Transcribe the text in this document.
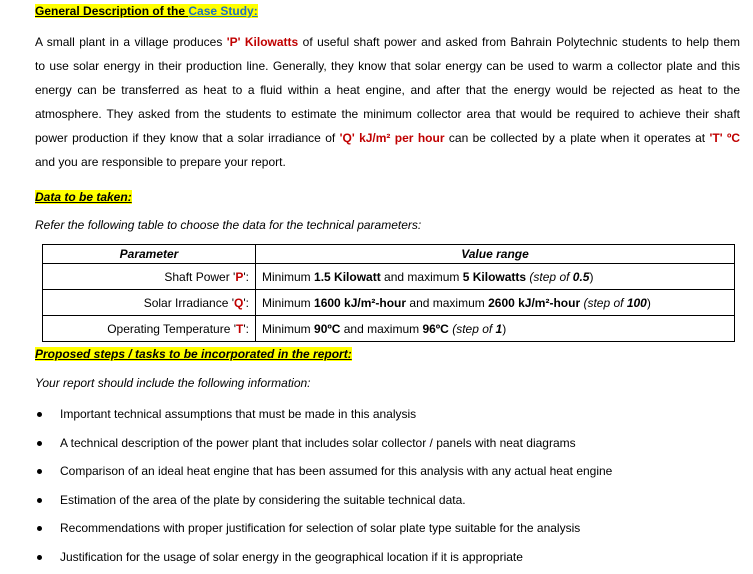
General Description of the Case Study:

A small plant in a village produces 'P' Kilowatts of useful shaft power and asked from Bahrain Polytechnic students to help them

to use solar energy in their production line. Generally, they know that solar energy can be used to warm a collector plate and this

energy can be transferred as heat to a fluid within a heat engine, and after that the energy would be rejected as heat to the

atmosphere. They asked from the students to estimate the minimum collector area that would be required to achieve their shaft

power production if they know that a solar irradiance of 'Q' kJ/m² per hour can be collected by a plate when it operates at 'T' ºC

and you are responsible to prepare your report.

Data to be taken:
Refer the following table to choose the data for the technical parameters:
Parameter	Value range
Shaft Power 'P':	Minimum 1.5 Kilowatt and maximum 5 Kilowatts (step of 0.5)
Solar Irradiance 'Q':	Minimum 1600 kJ/m²-hour and maximum 2600 kJ/m²-hour (step of 100)
Operating Temperature 'T':	Minimum 90ºC and maximum 96ºC (step of 1)
Proposed steps / tasks to be incorporated in the report:
Your report should include the following information:
Important technical assumptions that must be made in this analysis
A technical description of the power plant that includes solar collector / panels with neat diagrams
Comparison of an ideal heat engine that has been assumed for this analysis with any actual heat engine
Estimation of the area of the plate by considering the suitable technical data.
Recommendations with proper justification for selection of solar plate type suitable for the analysis
Justification for the usage of solar energy in the geographical location if it is appropriate
